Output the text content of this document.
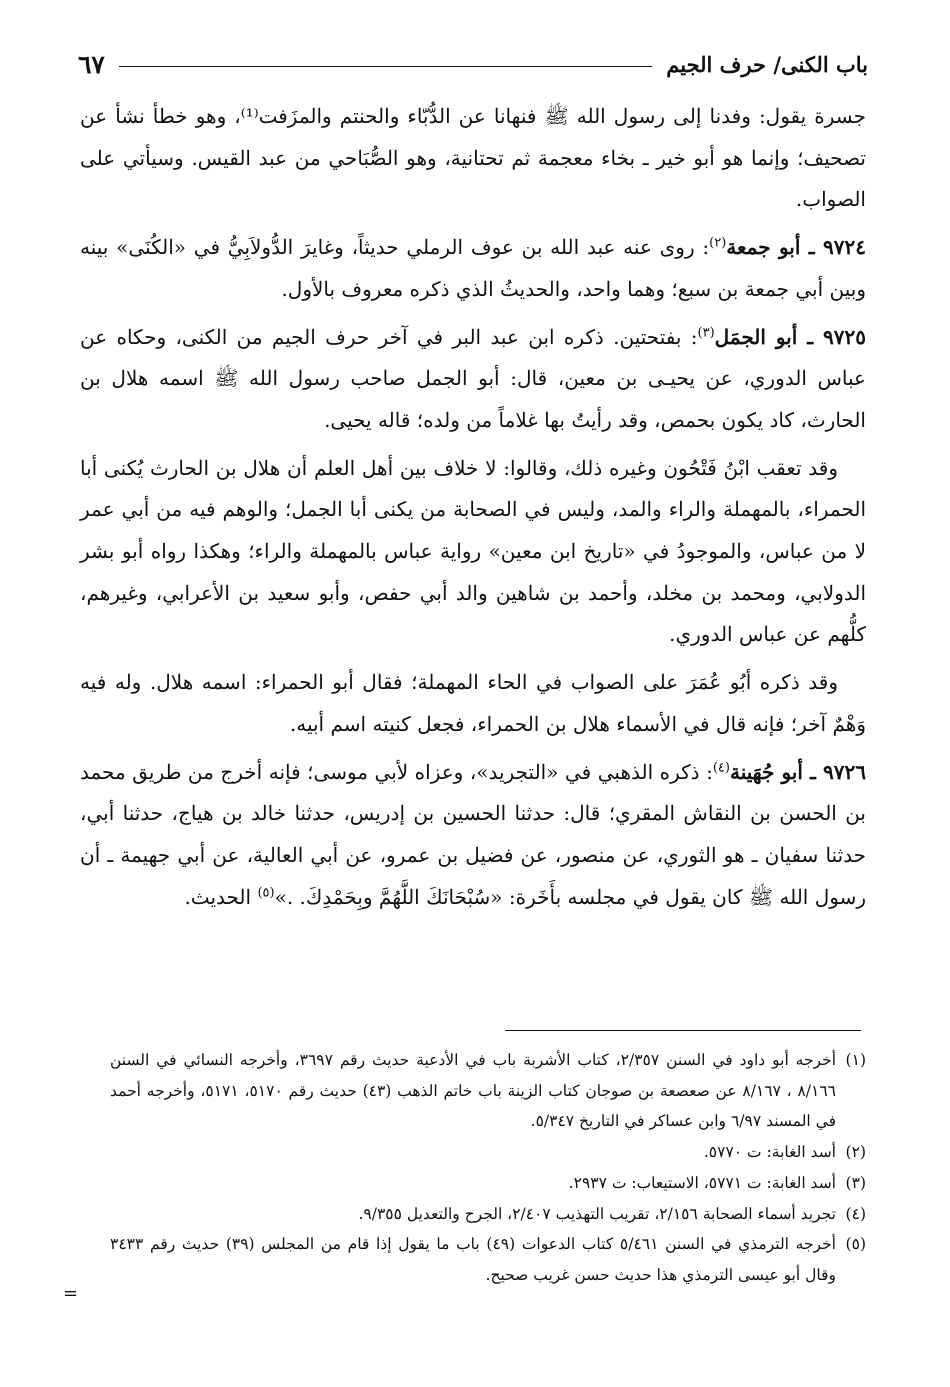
باب الكنى/ حرف الجيم
٦٧

جسرة يقول: وفدنا إلى رسول الله ﷺ فنهانا عن الدُّبّاء والحنتم والمزَفت⁽¹⁾، وهو خطأ نشأ عن تصحيف؛ وإنما هو أبو خير ـ بخاء معجمة ثم تحتانية، وهو الصُّبَاحي من عبد القيس. وسيأتي على الصواب.

٩٧٢٤ ـ أبو جمعة$^{(٢)}$: روى عنه عبد الله بن عوف الرملي حديثاً، وغايرَ الدُّولاَبِيُّ في «الكُنَى» بينه وبين أبي جمعة بن سبع؛ وهما واحد، والحديثُ الذي ذكره معروف بالأول.

٩٧٢٥ ـ أبو الجمَل$^{(٣)}$: بفتحتين. ذكره ابن عبد البر في آخر حرف الجيم من الكنى، وحكاه عن عباس الدوري، عن يحيـى بن معين، قال: أبو الجمل صاحب رسول الله ﷺ اسمه هلال بن الحارث، كاد يكون بحمص، وقد رأيتُ بها غلاماً من ولده؛ قاله يحيى.

وقد تعقب ابْنُ فَتْحُون وغيره ذلك، وقالوا: لا خلاف بين أهل العلم أن هلال بن الحارث يُكنى أبا الحمراء، بالمهملة والراء والمد، وليس في الصحابة من يكنى أبا الجمل؛ والوهم فيه من أبي عمر لا من عباس، والموجودُ في «تاريخ ابن معين» رواية عباس بالمهملة والراء؛ وهكذا رواه أبو بشر الدولابي، ومحمد بن مخلد، وأحمد بن شاهين والد أبي حفص، وأبو سعيد بن الأعرابي، وغيرهم، كلُّهم عن عباس الدوري.

وقد ذكره أبُو عُمَرَ على الصواب في الحاء المهملة؛ فقال أبو الحمراء: اسمه هلال. وله فيه وَهْمٌ آخر؛ فإنه قال في الأسماء هلال بن الحمراء، فجعل كنيته اسم أبيه.

٩٧٢٦ ـ أبو جُهَينة$^{(٤)}$: ذكره الذهبي في «التجريد»، وعزاه لأبي موسى؛ فإنه أخرج من طريق محمد بن الحسن بن النقاش المقري؛ قال: حدثنا الحسين بن إدريس، حدثنا خالد بن هياج، حدثنا أبي، حدثنا سفيان ـ هو الثوري، عن منصور، عن فضيل بن عمرو، عن أبي العالية، عن أبي جهيمة ـ أن رسول الله ﷺ كان يقول في مجلسه بأَخَرة: «سُبْحَانَكَ اللَّهُمَّ وبِحَمْدِكَ. .»$^{(٥)}$ الحديث.

(١)
أخرجه أبو داود في السنن ٢/٣٥٧، كتاب الأشربة باب في الأدعية حديث رقم ٣٦٩٧، وأخرجه النسائي في السنن ٨/١٦٦ ، ٨/١٦٧ عن صعصعة بن صوجان كتاب الزينة باب خاتم الذهب (٤٣) حديث رقم ٥١٧٠، ٥١٧١، وأخرجه أحمد في المسند ٦/٩٧ وابن عساكر في التاريخ ٥/٣٤٧.

(٢)
أسد الغابة: ت ٥٧٧٠.

(٣)
أسد الغابة: ت ٥٧٧١، الاستيعاب: ت ٢٩٣٧.

(٤)
تجريد أسماء الصحابة ٢/١٥٦، تقريب التهذيب ٢/٤٠٧، الجرح والتعديل ٩/٣٥٥.

(٥)
أخرجه الترمذي في السنن ٥/٤٦١ كتاب الدعوات (٤٩) باب ما يقول إذا قام من المجلس (٣٩) حديث رقم ٣٤٣٣ وقال أبو عيسى الترمذي هذا حديث حسن غريب صحيح.

=
